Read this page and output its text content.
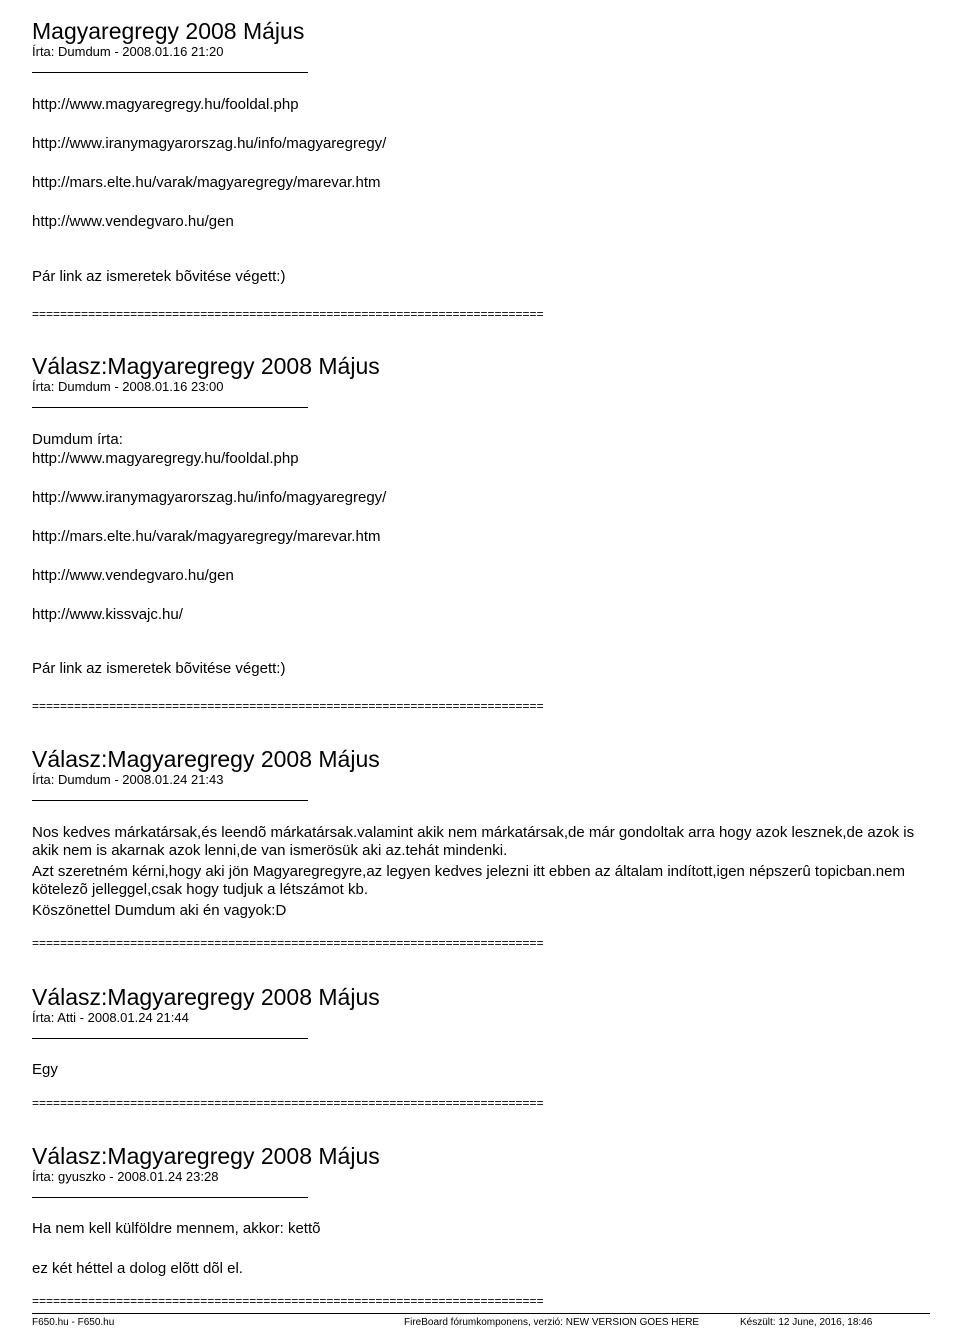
Magyaregregy 2008 Május
Írta: Dumdum - 2008.01.16 21:20
http://www.magyaregregy.hu/fooldal.php
http://www.iranymagyarorszag.hu/info/magyaregregy/
http://mars.elte.hu/varak/magyaregregy/marevar.htm
http://www.vendegvaro.hu/gen
Pár link az ismeretek bõvitése végett:)
=========================================================================
Válasz:Magyaregregy 2008 Május
Írta: Dumdum - 2008.01.16 23:00
Dumdum írta:
http://www.magyaregregy.hu/fooldal.php
http://www.iranymagyarorszag.hu/info/magyaregregy/
http://mars.elte.hu/varak/magyaregregy/marevar.htm
http://www.vendegvaro.hu/gen
http://www.kissvajc.hu/
Pár link az ismeretek bõvitése végett:)
=========================================================================
Válasz:Magyaregregy 2008 Május
Írta: Dumdum - 2008.01.24 21:43
Nos kedves márkatársak,és leendõ márkatársak.valamint akik nem márkatársak,de már gondoltak arra hogy azok lesznek,de azok is akik nem is akarnak azok lenni,de van ismerösük aki az.tehát mindenki.
Azt szeretném kérni,hogy aki jön Magyaregregyre,az legyen kedves jelezni itt ebben az általam indított,igen népszerû topicban.nem kötelezõ jelleggel,csak hogy tudjuk a létszámot kb.
Köszönettel Dumdum aki én vagyok:D
=========================================================================
Válasz:Magyaregregy 2008 Május
Írta: Atti - 2008.01.24 21:44
Egy
=========================================================================
Válasz:Magyaregregy 2008 Május
Írta: gyuszko - 2008.01.24 23:28
Ha nem kell külföldre mennem, akkor: kettõ
ez két héttel a dolog elõtt dõl el.
=========================================================================
F650.hu - F650.hu	FireBoard fórumkomponens, verzió: NEW VERSION GOES HERE	Készült: 12 June, 2016, 18:46
